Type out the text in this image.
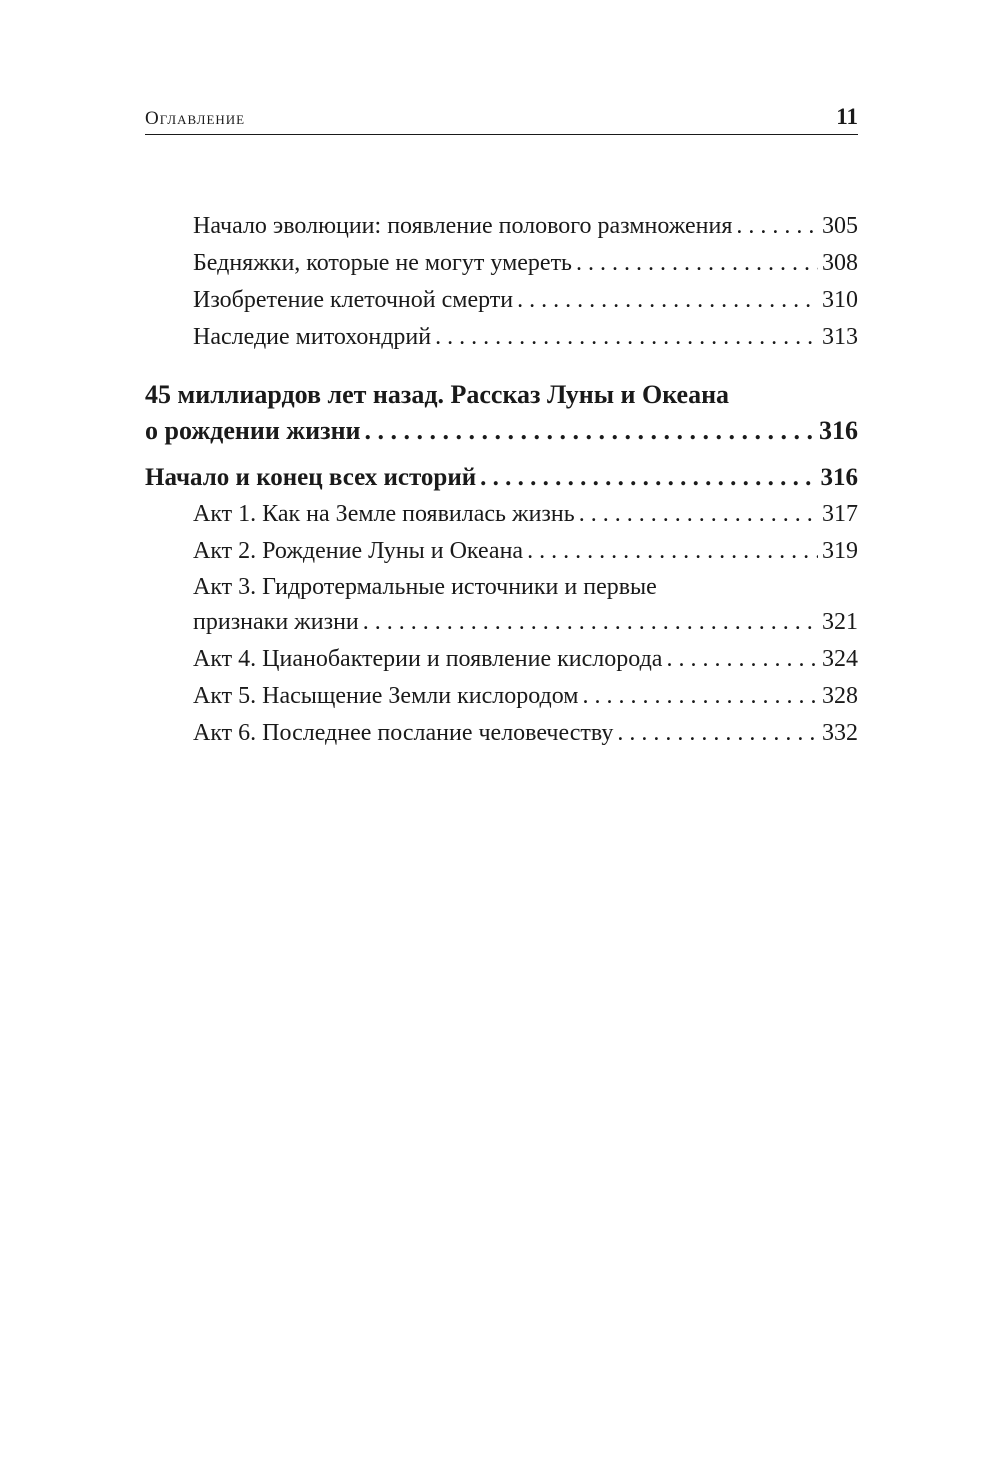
Оглавление	11
Начало эволюции: появление полового размножения . . .	305
Бедняжки, которые не могут умереть . . .	308
Изобретение клеточной смерти . . .	310
Наследие митохондрий . . .	313
45 миллиардов лет назад. Рассказ Луны и Океана
о рождении жизни . . .	316
Начало и конец всех историй . . .	316
Акт 1. Как на Земле появилась жизнь . . .	317
Акт 2. Рождение Луны и Океана . . .	319
Акт 3. Гидротермальные источники и первые
признаки жизни . . .	321
Акт 4. Цианобактерии и появление кислорода . . .	324
Акт 5. Насыщение Земли кислородом . . .	328
Акт 6. Последнее послание человечеству . . .	332
